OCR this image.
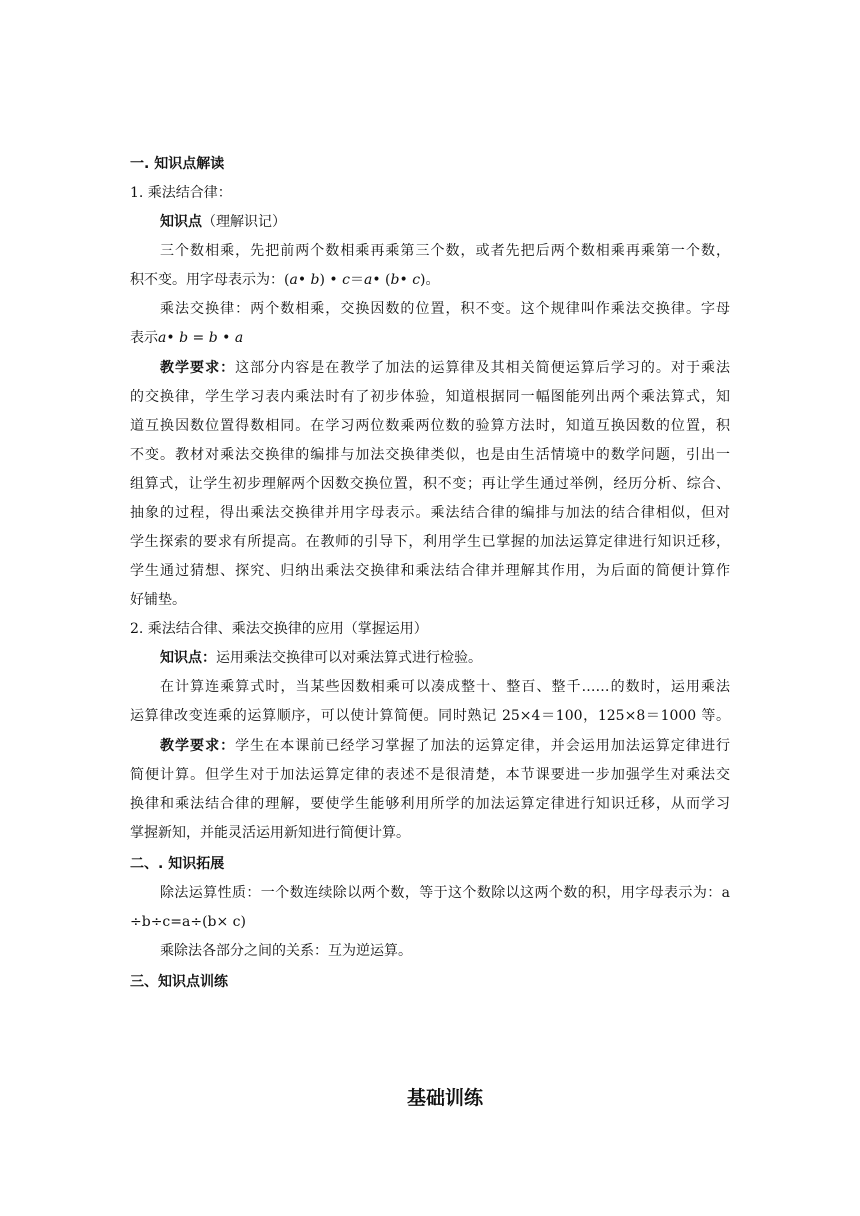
一. 知识点解读
1. 乘法结合律：
知识点（理解识记）
三个数相乘，先把前两个数相乘再乘第三个数，或者先把后两个数相乘再乘第一个数，
积不变。用字母表示为：(a• b) • c＝a• (b• c)。
乘法交换律：两个数相乘，交换因数的位置，积不变。这个规律叫作乘法交换律。字母
表示a• b = b • a
教学要求：这部分内容是在教学了加法的运算律及其相关简便运算后学习的。对于乘法
的交换律，学生学习表内乘法时有了初步体验，知道根据同一幅图能列出两个乘法算式，知
道互换因数位置得数相同。在学习两位数乘两位数的验算方法时，知道互换因数的位置，积
不变。教材对乘法交换律的编排与加法交换律类似，也是由生活情境中的数学问题，引出一
组算式，让学生初步理解两个因数交换位置，积不变；再让学生通过举例，经历分析、综合、
抽象的过程，得出乘法交换律并用字母表示。乘法结合律的编排与加法的结合律相似，但对
学生探索的要求有所提高。在教师的引导下，利用学生已掌握的加法运算定律进行知识迁移，
学生通过猜想、探究、归纳出乘法交换律和乘法结合律并理解其作用，为后面的简便计算作
好铺垫。
2. 乘法结合律、乘法交换律的应用（掌握运用）
知识点：运用乘法交换律可以对乘法算式进行检验。
在计算连乘算式时，当某些因数相乘可以凑成整十、整百、整千……的数时，运用乘法
运算律改变连乘的运算顺序，可以使计算简便。同时熟记 25×4＝100，125×8＝1000 等。
教学要求：学生在本课前已经学习掌握了加法的运算定律，并会运用加法运算定律进行
简便计算。但学生对于加法运算定律的表述不是很清楚，本节课要进一步加强学生对乘法交
换律和乘法结合律的理解，要使学生能够利用所学的加法运算定律进行知识迁移，从而学习
掌握新知，并能灵活运用新知进行简便计算。
二、. 知识拓展
除法运算性质：一个数连续除以两个数，等于这个数除以这两个数的积，用字母表示为：a
÷b÷c=a÷(b× c)
乘除法各部分之间的关系：互为逆运算。
三、知识点训练
基础训练
